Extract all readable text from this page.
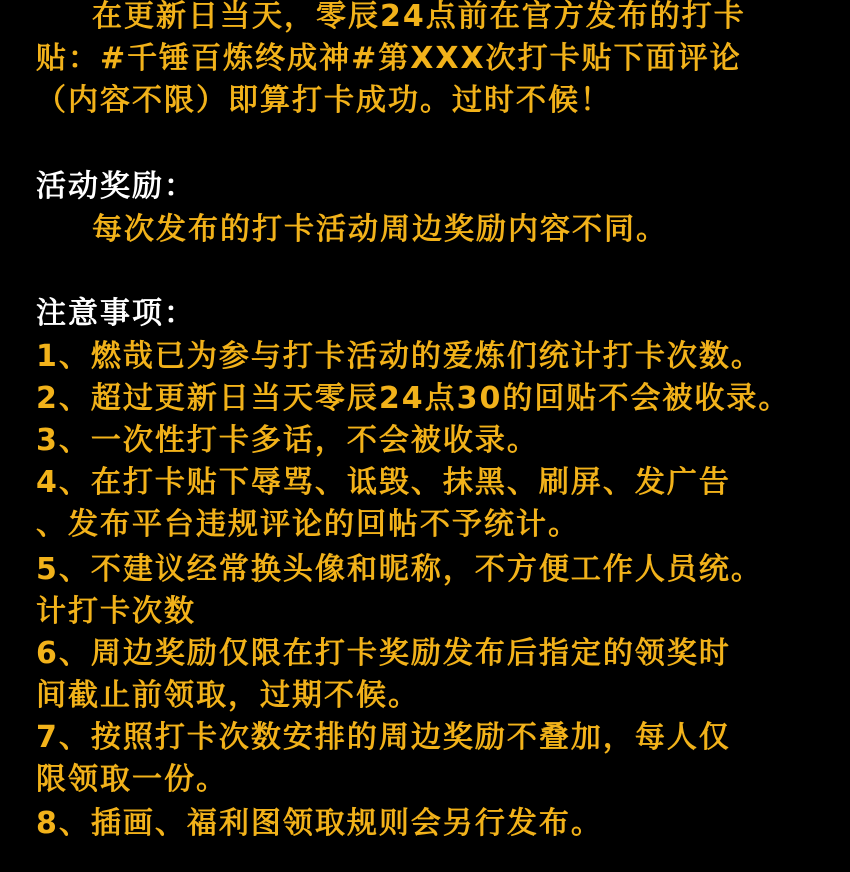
在更新日当天，零辰24点前在官方发布的打卡
贴：#千锤百炼终成神#第XXX次打卡贴下面评论
（内容不限）即算打卡成功。过时不候！
活动奖励：
每次发布的打卡活动周边奖励内容不同。
注意事项：
1、燃哉已为参与打卡活动的爱炼们统计打卡次数。
2、超过更新日当天零辰24点30的回贴不会被收录。
3、一次性打卡多话，不会被收录。
4、在打卡贴下辱骂、诋毁、抹黑、刷屏、发广告
、发布平台违规评论的回帖不予统计。
5、不建议经常换头像和昵称，不方便工作人员统。
计打卡次数
6、周边奖励仅限在打卡奖励发布后指定的领奖时
间截止前领取，过期不候。
7、按照打卡次数安排的周边奖励不叠加，每人仅
限领取一份。
8、插画、福利图领取规则会另行发布。
